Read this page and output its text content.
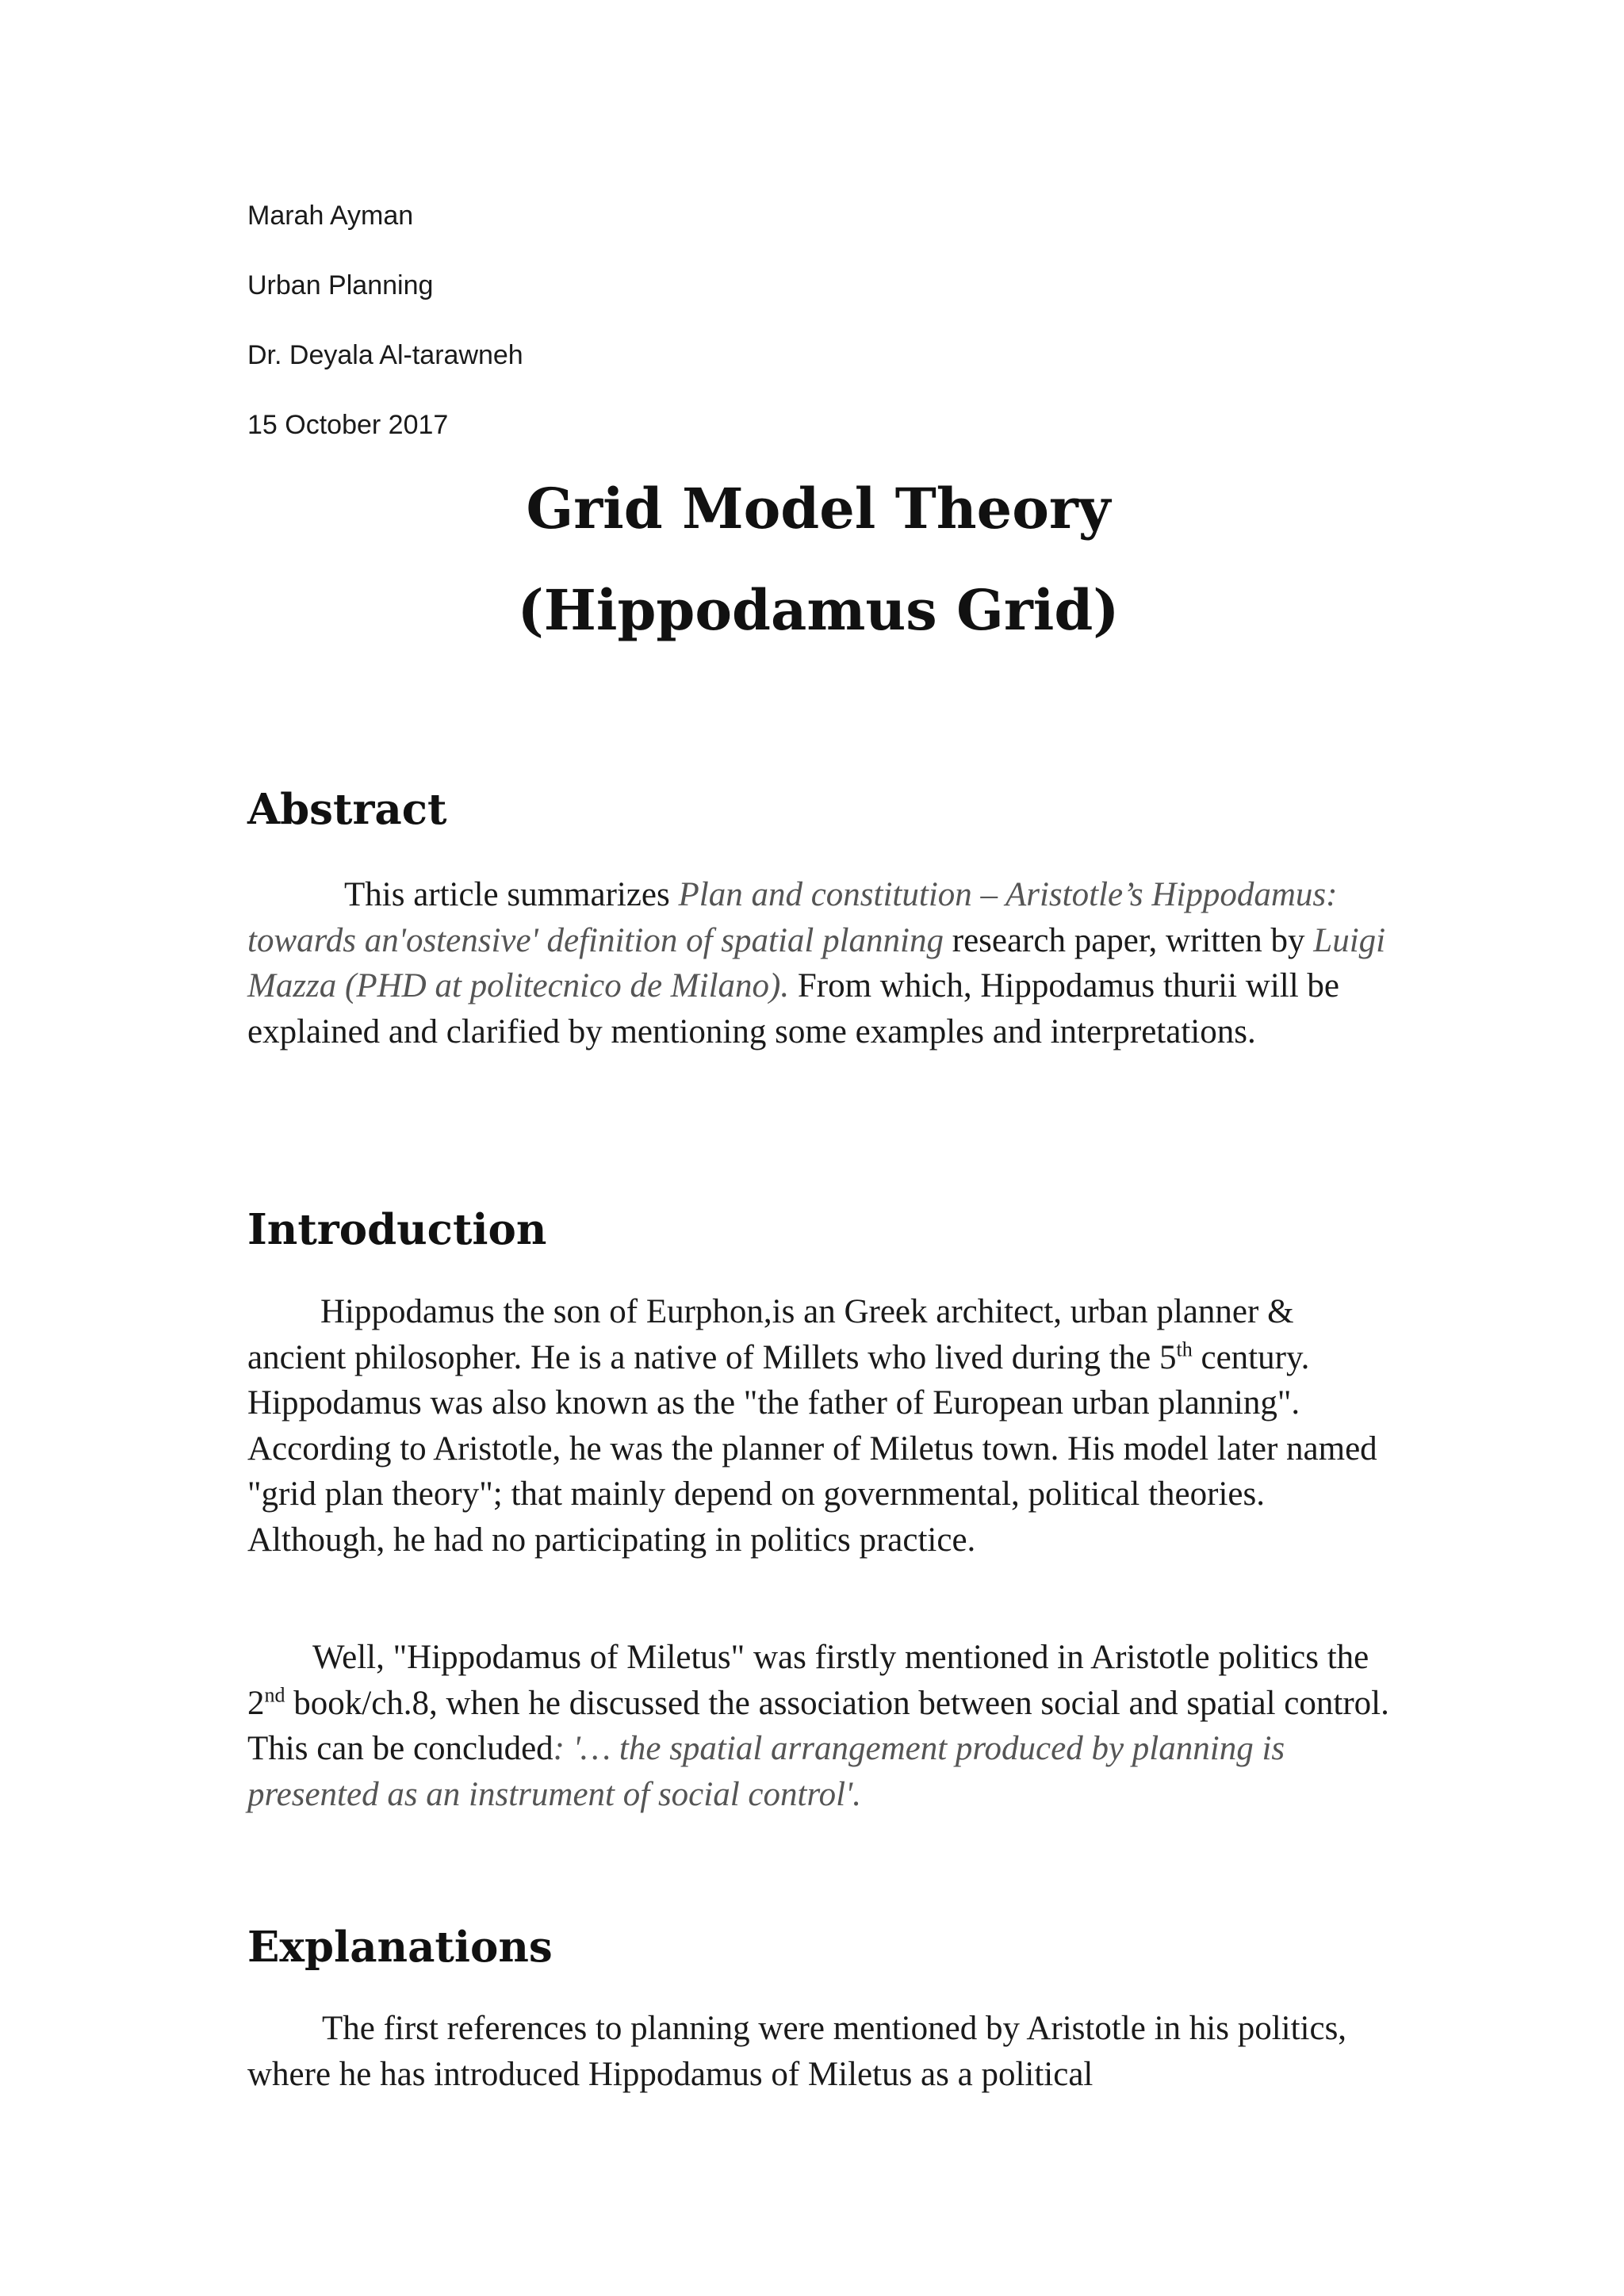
Marah Ayman
Urban Planning
Dr. Deyala Al-tarawneh
15 October 2017
Grid Model Theory
(Hippodamus Grid)
Abstract

This article summarizes Plan and constitution – Aristotle’s Hippodamus: towards an'ostensive' definition of spatial planning research paper, written by Luigi Mazza (PHD at politecnico de Milano). From which, Hippodamus thurii will be explained and clarified by mentioning some examples and interpretations.

Introduction

Hippodamus the son of Eurphon,is an Greek architect, urban planner & ancient philosopher. He is a native of Millets who lived during the 5th century. Hippodamus was also known as the "the father of European urban planning". According to Aristotle, he was the planner of Miletus town. His model later named "grid plan theory"; that mainly depend on governmental, political theories. Although, he had no participating in politics practice.

Well, "Hippodamus of Miletus" was firstly mentioned in Aristotle politics the 2nd book/ch.8, when he discussed the association between social and spatial control. This can be concluded: '… the spatial arrangement produced by planning is presented as an instrument of social control'.

Explanations

The first references to planning were mentioned by Aristotle in his politics, where he has introduced Hippodamus of Miletus as a political
